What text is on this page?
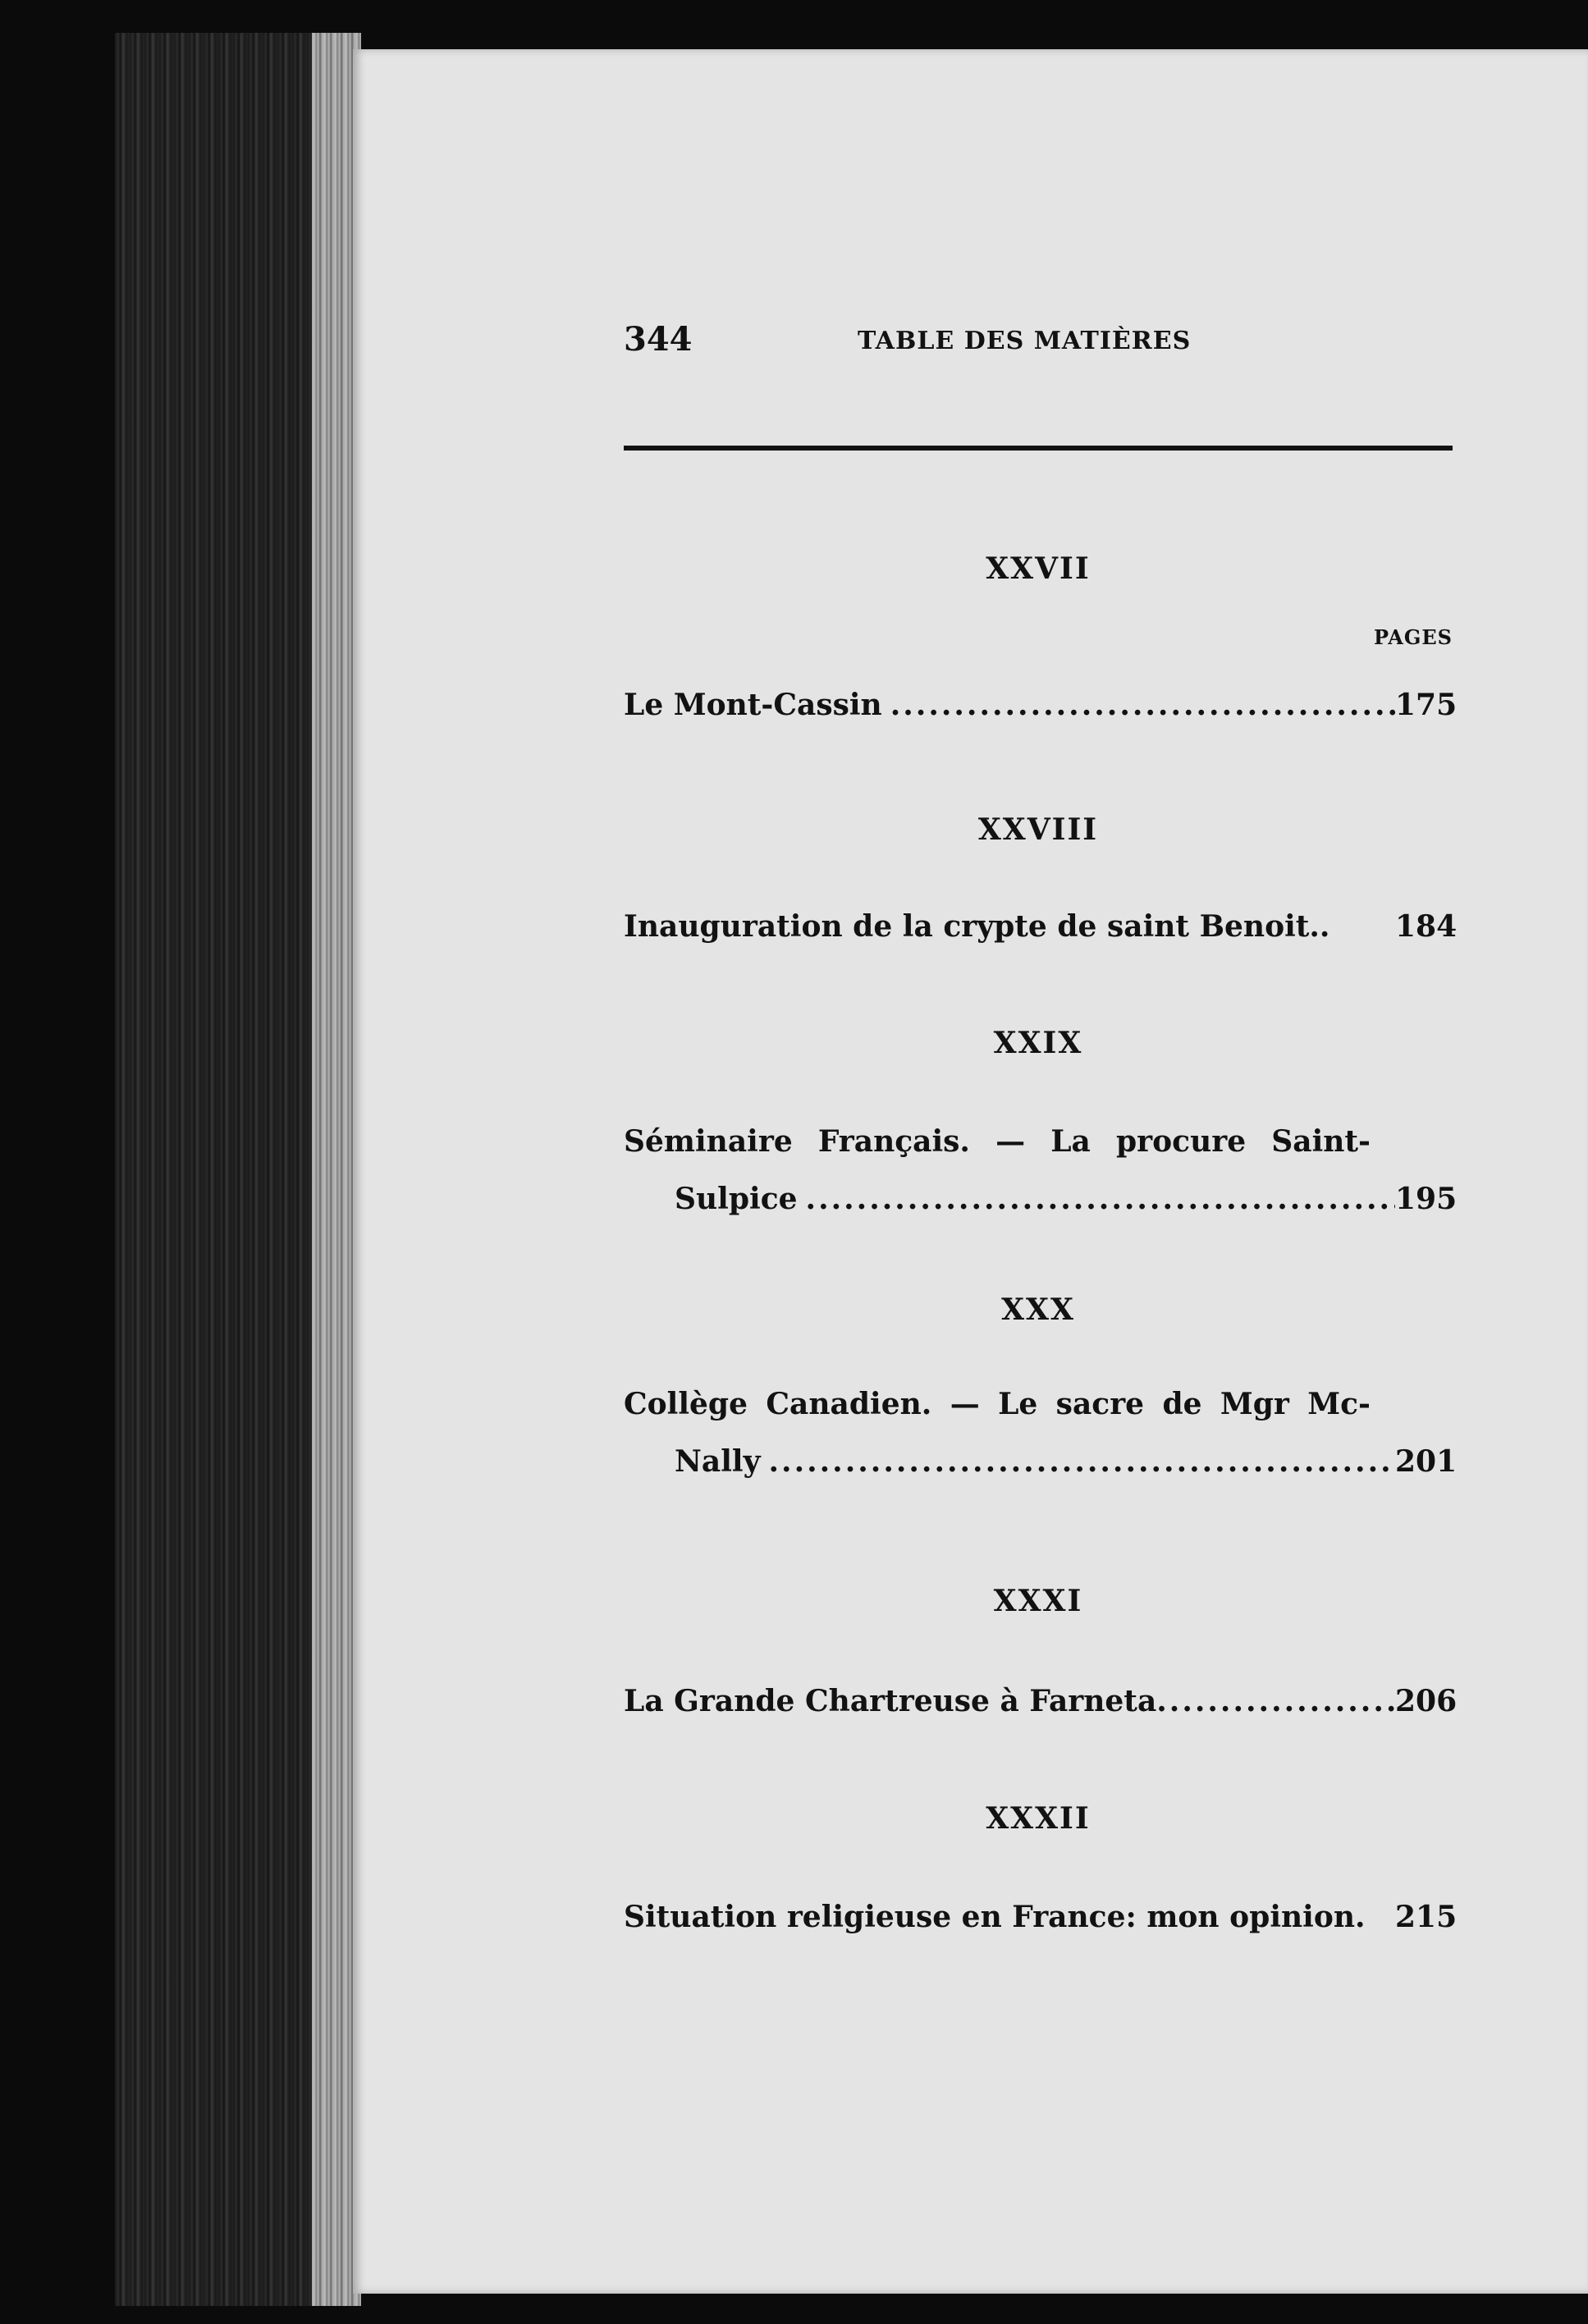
344	TABLE DES MATIÈRES
XXVII
PAGES
Le Mont-Cassin .....	175
XXVIII
Inauguration de la crypte de saint Benoit.. 184
XXIX
Séminaire Français. — La procure Saint-
Sulpice .....	195
XXX
Collège Canadien. — Le sacre de Mgr Mc-
Nally .....	201
XXXI
La Grande Chartreuse à Farneta .....	206
XXXII
Situation religieuse en France: mon opinion. 215
